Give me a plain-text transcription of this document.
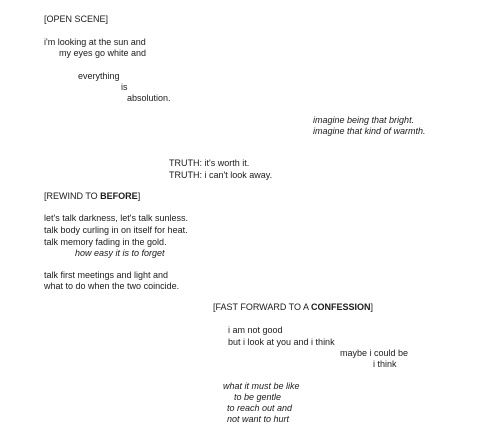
[OPEN SCENE]
i'm looking at the sun and
my eyes go white and
everything
is
absolution.
imagine being that bright.
imagine that kind of warmth.
TRUTH: it's worth it.
TRUTH: i can't look away.
[REWIND TO BEFORE]
let's talk darkness, let's talk sunless.
talk body curling in on itself for heat.
talk memory fading in the gold.
how easy it is to forget
talk first meetings and light and
what to do when the two coincide.
[FAST FORWARD TO A CONFESSION]
i am not good
but i look at you and i think
maybe i could be
i think
what it must be like
to be gentle
to reach out and
not want to hurt
